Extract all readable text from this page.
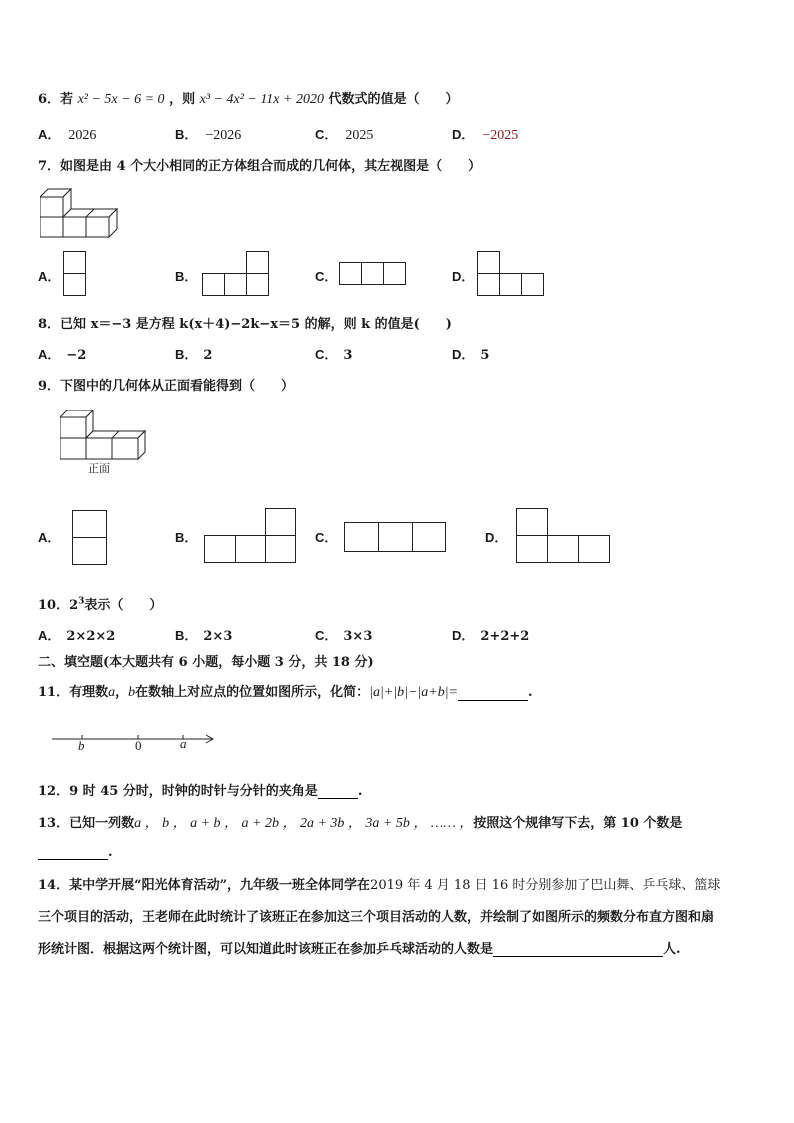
6．若 x² − 5x − 6 = 0 ，则 x³ − 4x² − 11x + 2020 代数式的值是（　　）
A． 2026	B． −2026	C． 2025	D． −2025
7．如图是由 4 个大小相同的正方体组合而成的几何体，其左视图是（　　）
A．	B．	C．	D．
8．已知 x＝−3 是方程 k(x＋4)−2k−x＝5 的解，则 k 的值是(　　)
A． −2	B． 2	C． 3	D． 5
9．下图中的几何体从正面看能得到（　　）
正面
A．	B．	C．	D．
10．$2^3$表示（　　）
A． 2×2×2	B． 2×3	C． 3×3	D． 2+2+2
二、填空题(本大题共有 6 小题，每小题 3 分，共 18 分)
11．有理数a，b在数轴上对应点的位置如图所示，化简：|a|+|b|−|a+b|=	.
b	0	a
12．9 时 45 分时，时钟的时针与分针的夹角是	.
13．已知一列数a ， b ， a + b ， a + 2b ， 2a + 3b ， 3a + 5b ， …… ，按照这个规律写下去，第 10 个数是
.
14．某中学开展“阳光体育活动”，九年级一班全体同学在2019 年 4 月 18 日 16 时分别参加了巴山舞、乒乓球、篮球
三个项目的活动，王老师在此时统计了该班正在参加这三个项目活动的人数，并绘制了如图所示的频数分布直方图和扇
形统计图．根据这两个统计图，可以知道此时该班正在参加乒乓球活动的人数是	人.
